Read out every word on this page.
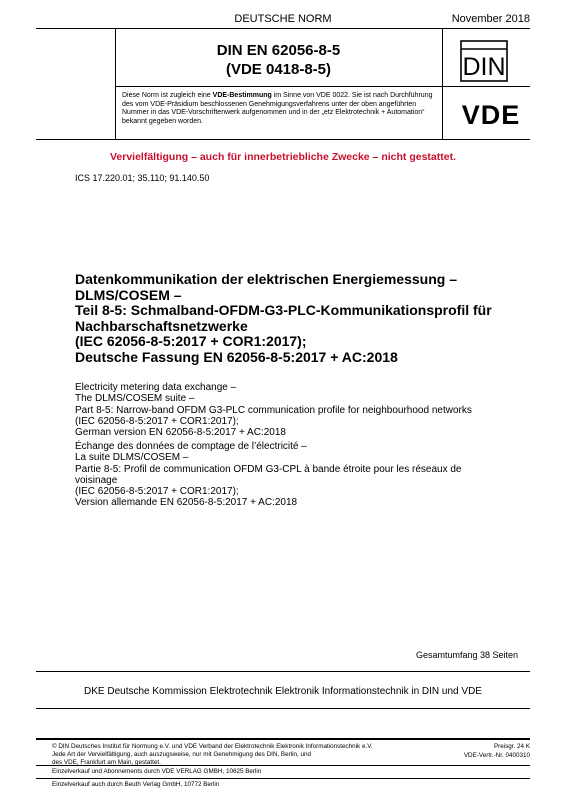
DEUTSCHE NORM	November 2018
DIN EN 62056-8-5
(VDE 0418-8-5)	DIN
Diese Norm ist zugleich eine VDE-Bestimmung im Sinne von VDE 0022. Sie ist nach Durchführung des vom VDE-Präsidium beschlossenen Genehmigungsverfahrens unter der oben angeführten Nummer in das VDE-Vorschriftenwerk aufgenommen und in der „etz Elektrotechnik + Automation“ bekannt gegeben worden.	VDE
Vervielfältigung – auch für innerbetriebliche Zwecke – nicht gestattet.
ICS 17.220.01; 35.110; 91.140.50
Datenkommunikation der elektrischen Energiemessung –
DLMS/COSEM –
Teil 8-5: Schmalband-OFDM-G3-PLC-Kommunikationsprofil für
Nachbarschaftsnetzwerke
(IEC 62056-8-5:2017 + COR1:2017);
Deutsche Fassung EN 62056-8-5:2017 + AC:2018
Electricity metering data exchange –
The DLMS/COSEM suite –
Part 8-5: Narrow-band OFDM G3-PLC communication profile for neighbourhood networks
(IEC 62056-8-5:2017 + COR1:2017);
German version EN 62056-8-5:2017 + AC:2018
Échange des données de comptage de l’électricité –
La suite DLMS/COSEM –
Partie 8-5: Profil de communication OFDM G3-CPL à bande étroite pour les réseaux de
voisinage
(IEC 62056-8-5:2017 + COR1:2017);
Version allemande EN 62056-8-5:2017 + AC:2018
Gesamtumfang 38 Seiten
DKE Deutsche Kommission Elektrotechnik Elektronik Informationstechnik in DIN und VDE
© DIN Deutsches Institut für Normung e.V. und VDE Verband der Elektrotechnik Elektronik Informationstechnik e.V.
Jede Art der Vervielfältigung, auch auszugsweise, nur mit Genehmigung des DIN, Berlin, und
des VDE, Frankfurt am Main, gestattet.
Preisgr. 24 K
VDE-Vertr.-Nr. 0400310
Einzelverkauf und Abonnements durch VDE VERLAG GMBH, 10625 Berlin
Einzelverkauf auch durch Beuth Verlag GmbH, 10772 Berlin
